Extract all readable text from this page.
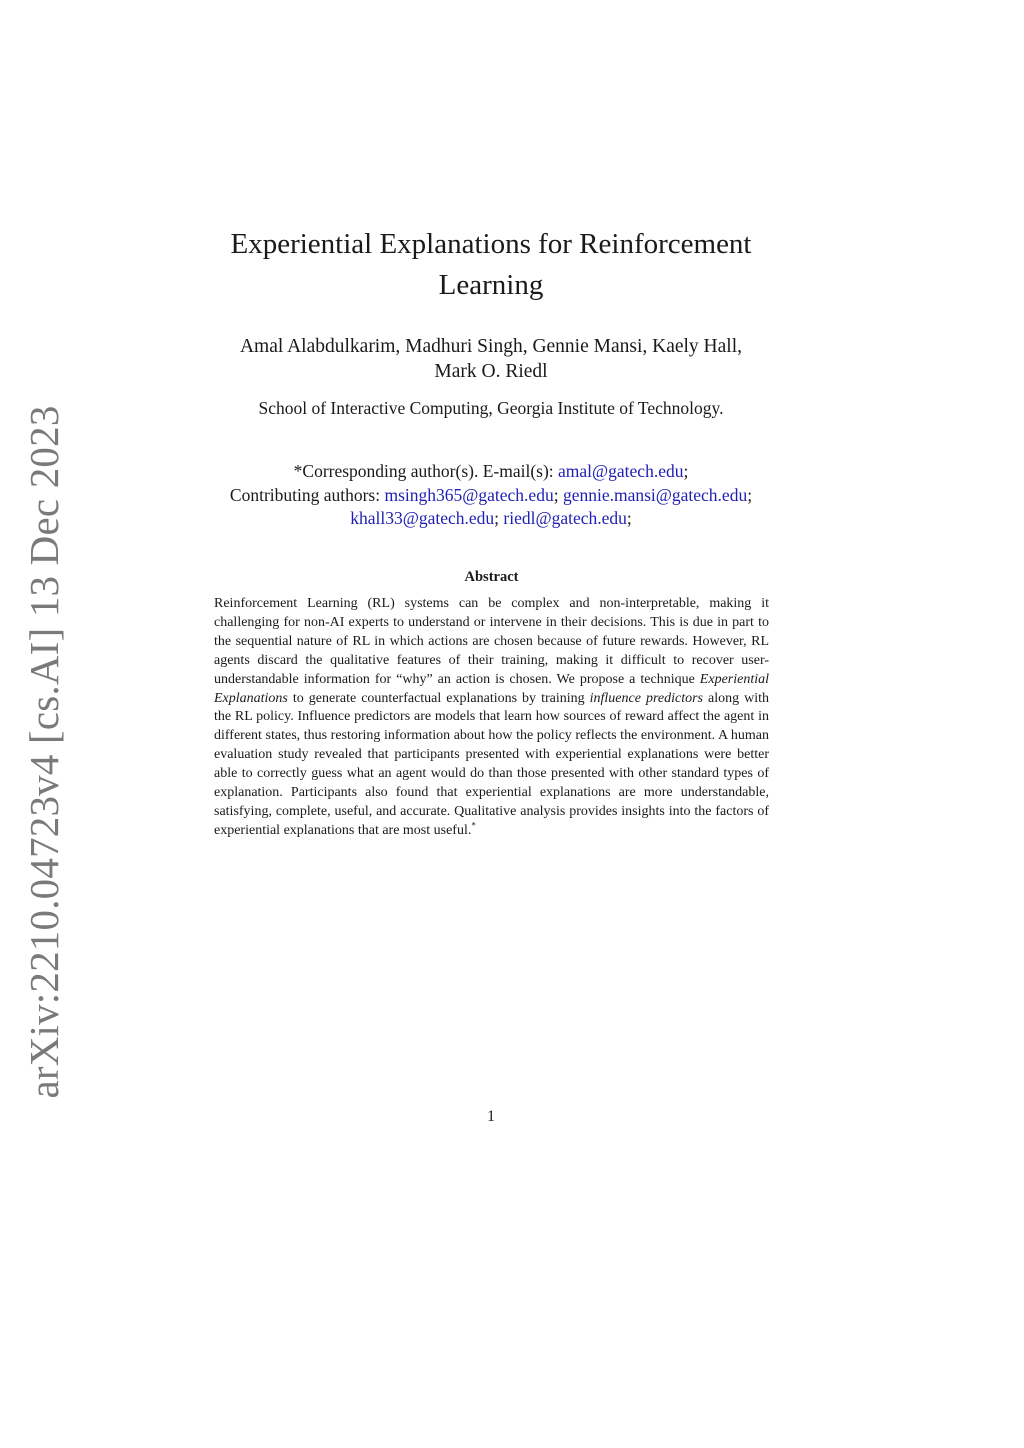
arXiv:2210.04723v4 [cs.AI] 13 Dec 2023
Experiential Explanations for Reinforcement
Learning
Amal Alabdulkarim, Madhuri Singh, Gennie Mansi, Kaely Hall,
Mark O. Riedl
School of Interactive Computing, Georgia Institute of Technology.
*Corresponding author(s). E-mail(s): amal@gatech.edu;
Contributing authors: msingh365@gatech.edu; gennie.mansi@gatech.edu;
khall33@gatech.edu; riedl@gatech.edu;
Abstract
Reinforcement Learning (RL) systems can be complex and non-interpretable, making it challenging for non-AI experts to understand or intervene in their decisions. This is due in part to the sequential nature of RL in which actions are chosen because of future rewards. However, RL agents discard the qualitative features of their training, making it difficult to recover user-understandable information for “why” an action is chosen. We propose a technique Experiential Explanations to generate counterfactual explanations by training influence predictors along with the RL policy. Influence predictors are models that learn how sources of reward affect the agent in different states, thus restoring information about how the policy reflects the environment. A human evaluation study revealed that participants presented with experiential explanations were better able to correctly guess what an agent would do than those presented with other standard types of explanation. Participants also found that experiential explanations are more understandable, satisfying, complete, useful, and accurate. Qualitative analysis provides insights into the factors of experiential explanations that are most useful.*
1
